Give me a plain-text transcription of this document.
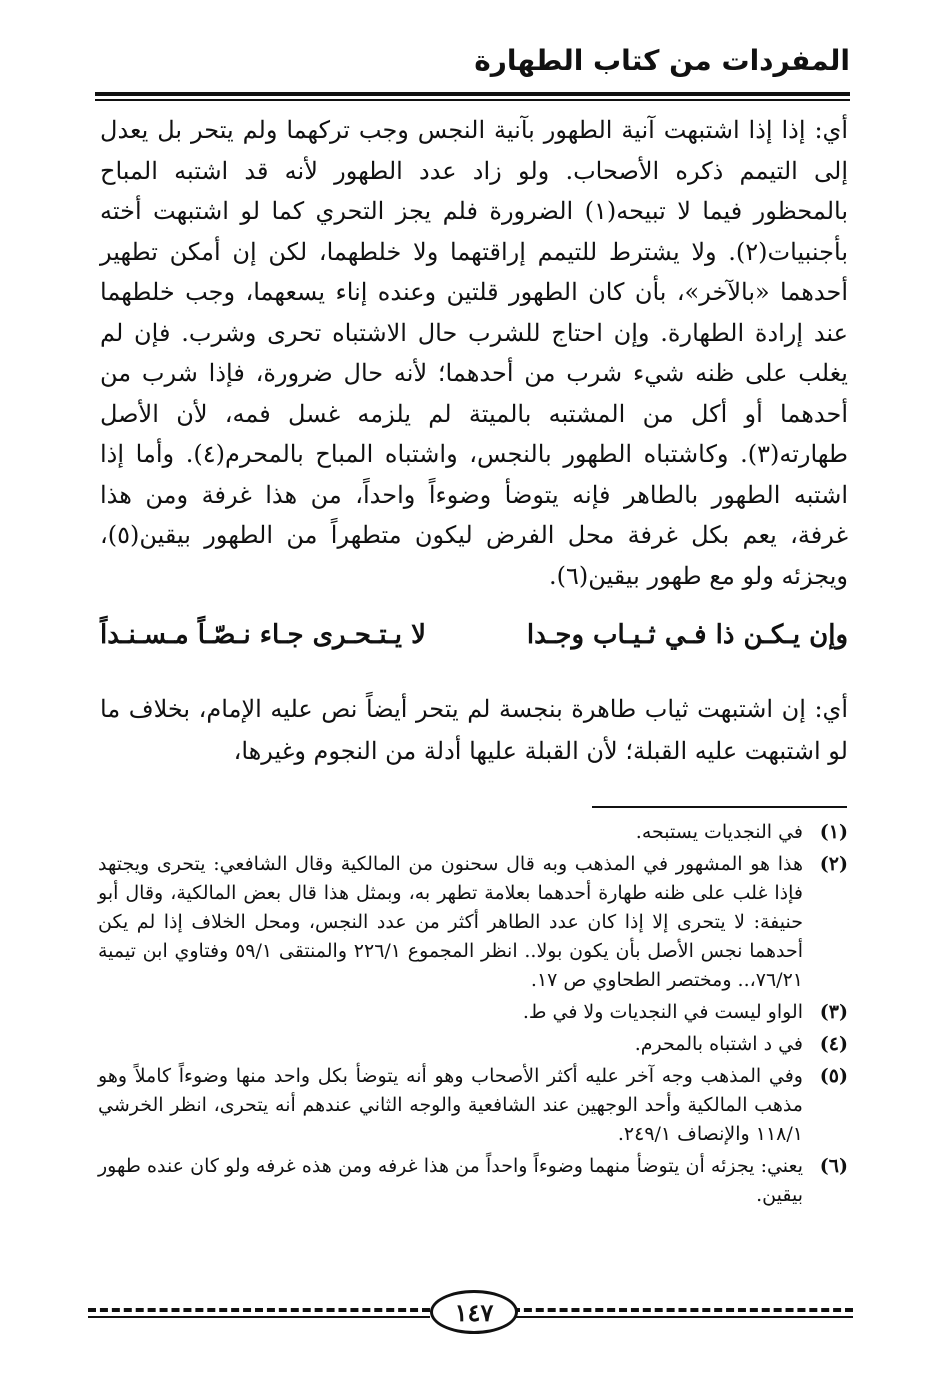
المفردات من كتاب الطهارة

أي: إذا إذا اشتبهت آنية الطهور بآنية النجس وجب تركهما ولم يتحر بل يعدل إلى التيمم ذكره الأصحاب. ولو زاد عدد الطهور لأنه قد اشتبه المباح بالمحظور فيما لا تبيحه(١) الضرورة فلم يجز التحري كما لو اشتبهت أخته بأجنبيات(٢). ولا يشترط للتيمم إراقتهما ولا خلطهما، لكن إن أمكن تطهير أحدهما «بالآخر»، بأن كان الطهور قلتين وعنده إناء يسعهما، وجب خلطهما عند إرادة الطهارة. وإن احتاج للشرب حال الاشتباه تحرى وشرب. فإن لم يغلب على ظنه شيء شرب من أحدهما؛ لأنه حال ضرورة، فإذا شرب من أحدهما أو أكل من المشتبه بالميتة لم يلزمه غسل فمه، لأن الأصل طهارته(٣). وكاشتباه الطهور بالنجس، واشتباه المباح بالمحرم(٤). وأما إذا اشتبه الطهور بالطاهر فإنه يتوضأ وضوءاً واحداً، من هذا غرفة ومن هذا غرفة، يعم بكل غرفة محل الفرض ليكون متطهراً من الطهور بيقين(٥)، ويجزئه ولو مع طهور بيقين(٦).

وإن يـكـن ذا فـي ثـيـاب وجـدا
لا يـتـحـرى جـاء نـصّـاً مـسـنـداً

أي: إن اشتبهت ثياب طاهرة بنجسة لم يتحر أيضاً نص عليه الإمام، بخلاف ما لو اشتبهت عليه القبلة؛ لأن القبلة عليها أدلة من النجوم وغيرها،

(١)
في النجديات يستبحه.
(٢)
هذا هو المشهور في المذهب وبه قال سحنون من المالكية وقال الشافعي: يتحرى ويجتهد فإذا غلب على ظنه طهارة أحدهما بعلامة تطهر به، وبمثل هذا قال بعض المالكية، وقال أبو حنيفة: لا يتحرى إلا إذا كان عدد الطاهر أكثر من عدد النجس، ومحل الخلاف إذا لم يكن أحدهما نجس الأصل بأن يكون بولا.. انظر المجموع ٢٢٦/١ والمنتقى ٥٩/١ وفتاوي ابن تيمية ٧٦/٢١،.. ومختصر الطحاوي ص ١٧.
(٣)
الواو ليست في النجديات ولا في ط.
(٤)
في د اشتباه بالمحرم.
(٥)
وفي المذهب وجه آخر عليه أكثر الأصحاب وهو أنه يتوضأ بكل واحد منها وضوءاً كاملاً وهو مذهب المالكية وأحد الوجهين عند الشافعية والوجه الثاني عندهم أنه يتحرى، انظر الخرشي ١١٨/١ والإنصاف ٢٤٩/١.
(٦)
يعني: يجزئه أن يتوضأ منهما وضوءاً واحداً من هذا غرفه ومن هذه غرفه ولو كان عنده طهور بيقين.
١٤٧
